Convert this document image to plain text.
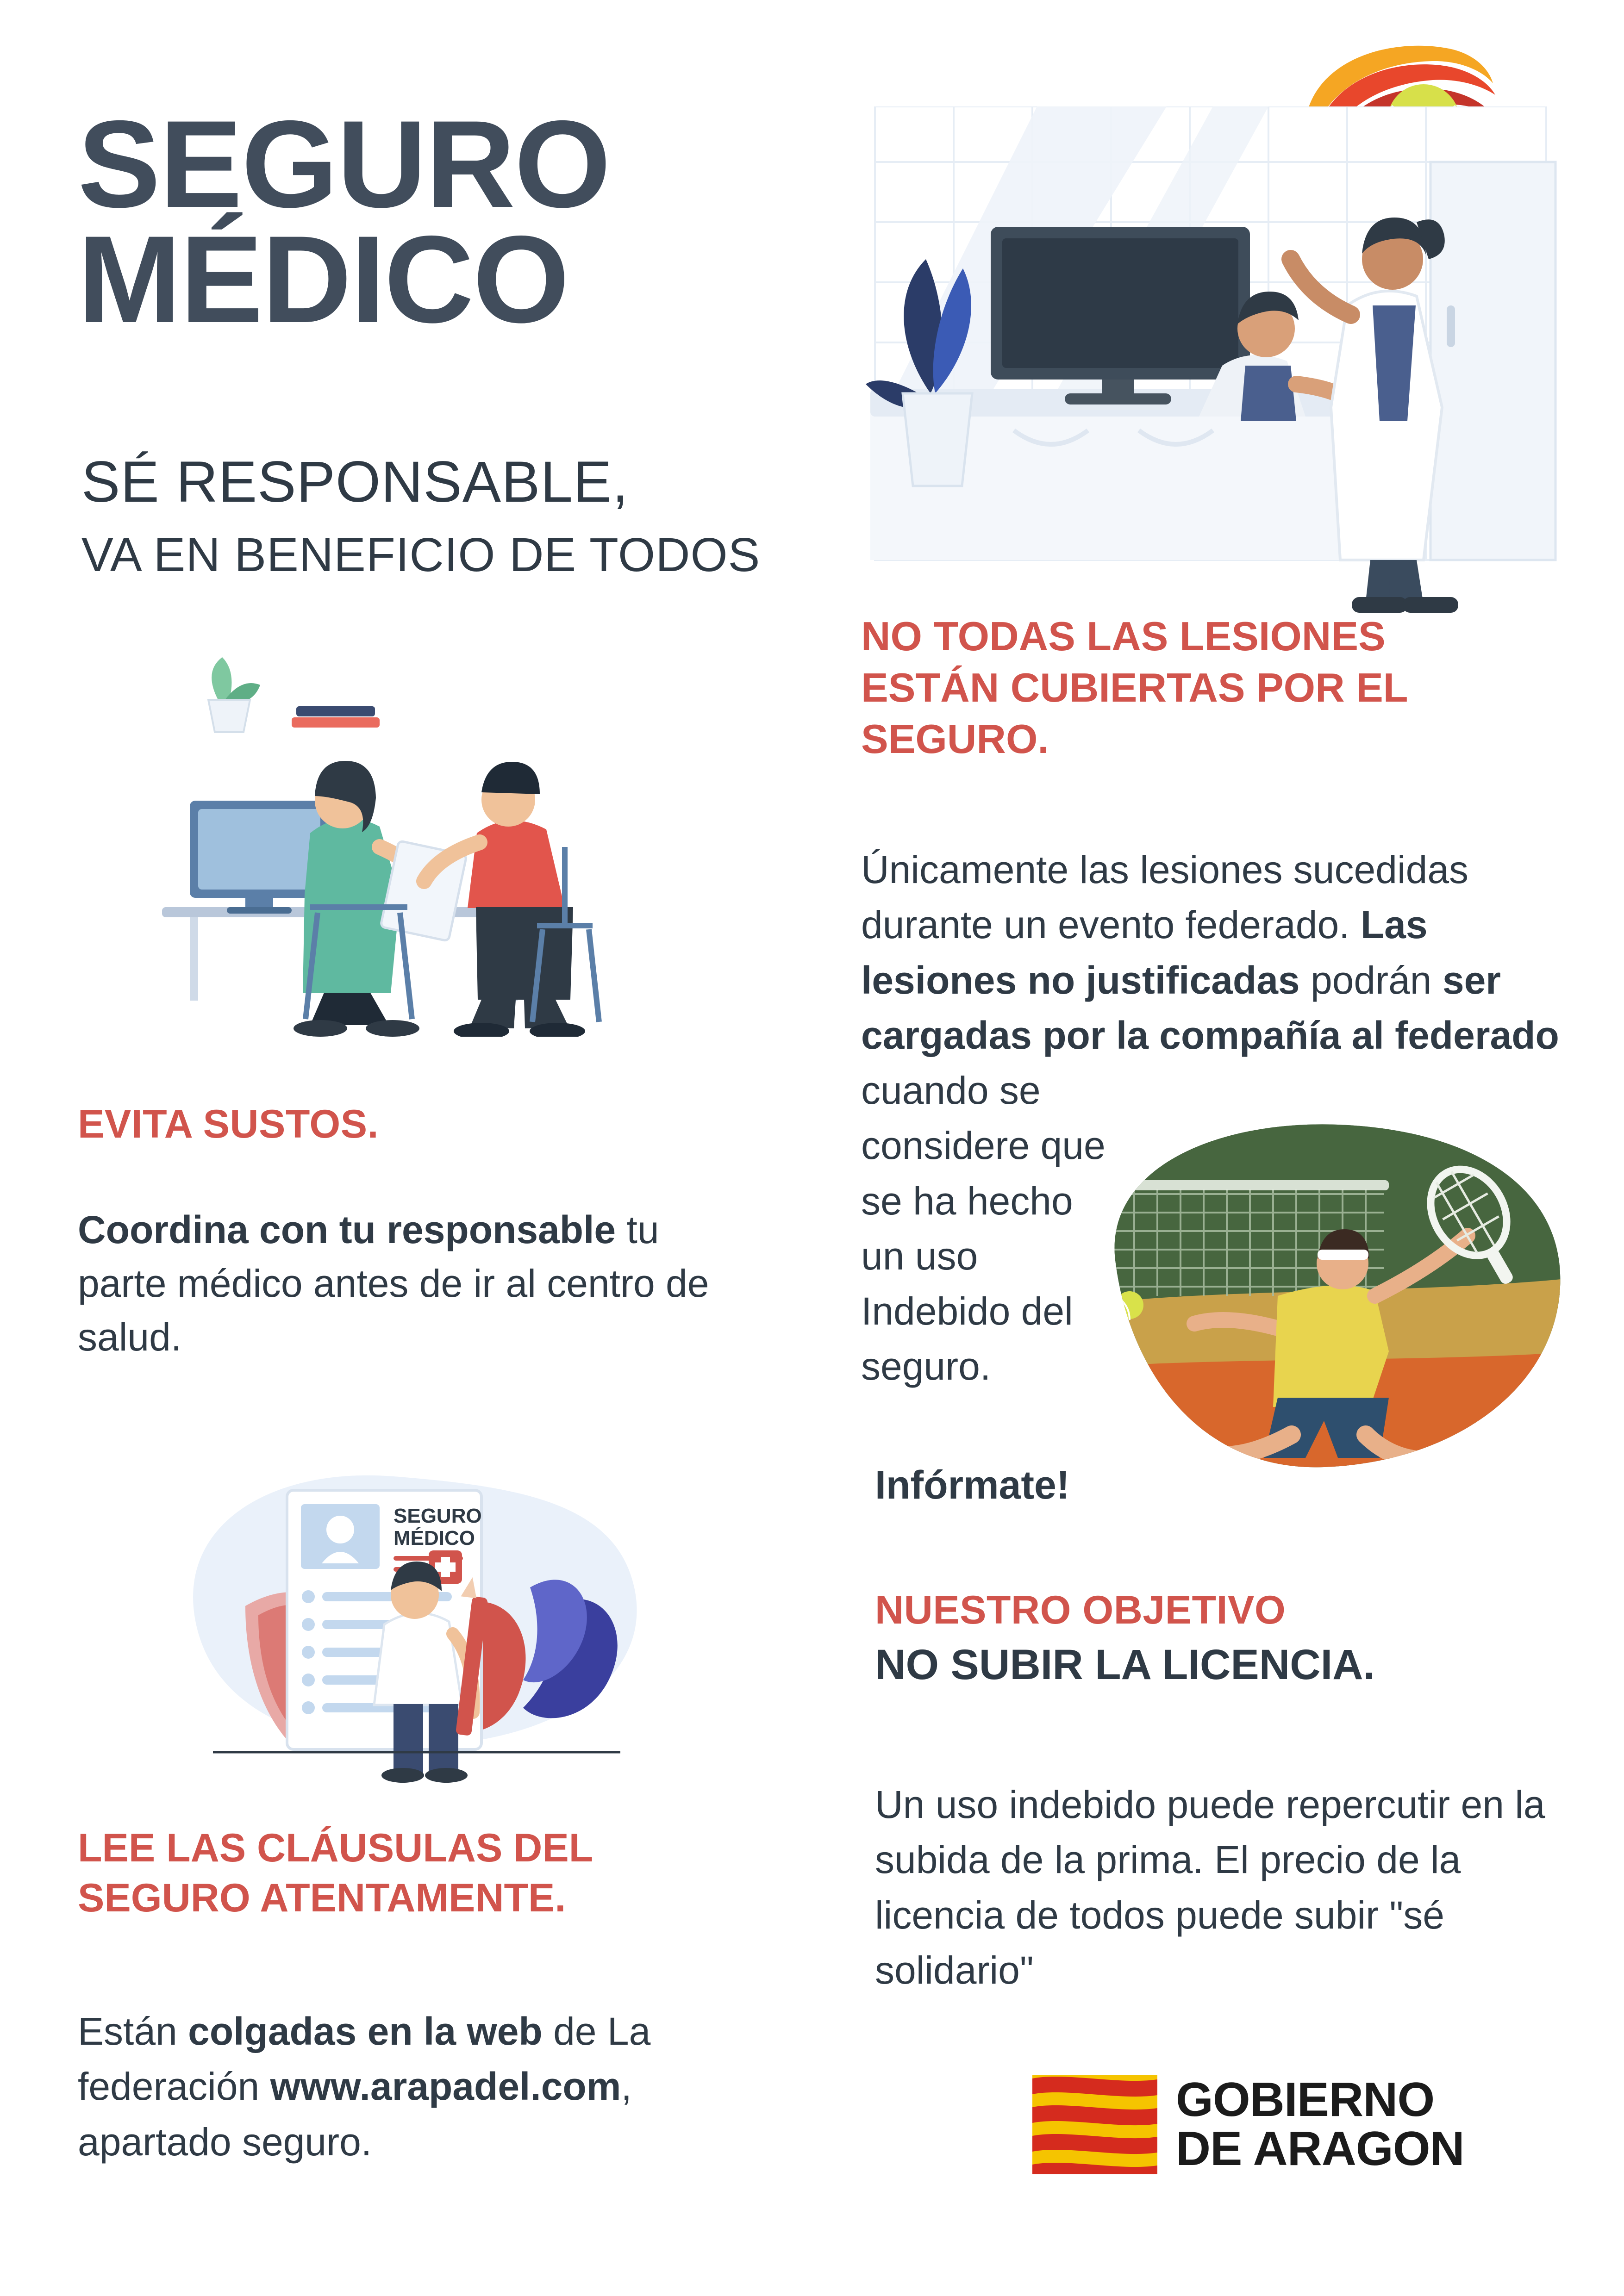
SEGURO
MÉDICO
SÉ RESPONSABLE,
VA EN BENEFICIO DE TODOS
EVITA SUSTOS.
Coordina con tu responsable tu parte médico antes de ir al centro de salud.
SEGURO
MÉDICO
LEE LAS CLÁUSULAS DEL SEGURO ATENTAMENTE.
Están colgadas en la web de La federación www.arapadel.com, apartado seguro.
NO TODAS LAS LESIONES ESTÁN CUBIERTAS POR EL SEGURO.
Únicamente las lesiones sucedidas durante un evento federado. Las lesiones no justificadas podrán ser cargadas por la compañía al federado
cuando se considere que se ha hecho un uso Indebido del seguro.
Infórmate!
NUESTRO OBJETIVO
NO SUBIR LA LICENCIA.
Un uso indebido puede repercutir en la subida de la prima. El precio de la licencia de todos puede subir "sé solidario"
GOBIERNO
DE ARAGON
